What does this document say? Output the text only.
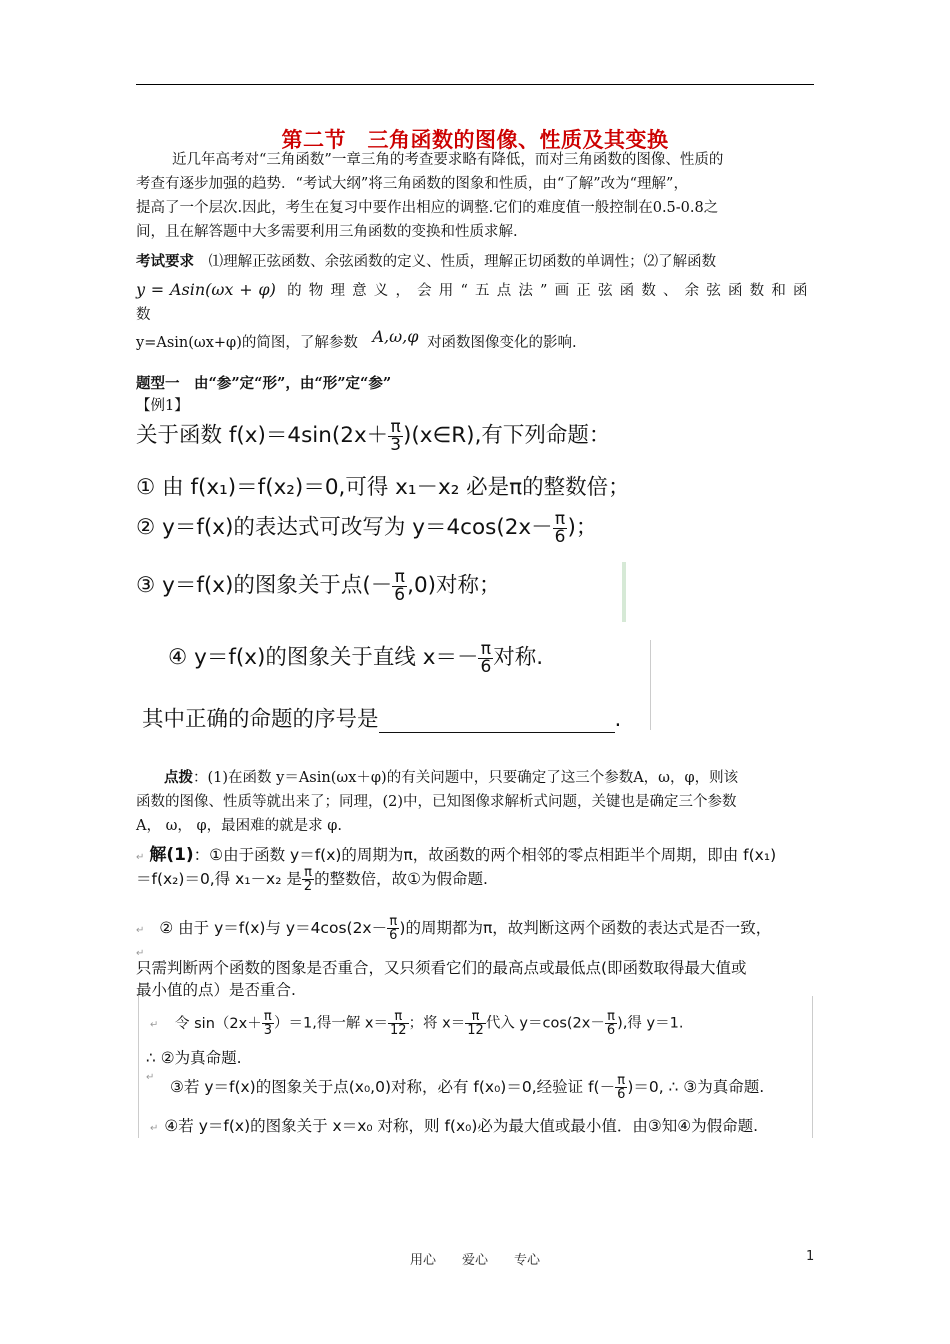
第二节　三角函数的图像、性质及其变换
近几年高考对“三角函数”一章三角的考查要求略有降低，而对三角函数的图像、性质的
考查有逐步加强的趋势．“考试大纲”将三角函数的图象和性质，由“了解”改为“理解”，
提高了一个层次.因此，考生在复习中要作出相应的调整.它们的难度值一般控制在0.5-0.8之
间，且在解答题中大多需要利用三角函数的变换和性质求解.
考试要求 ⑴理解正弦函数、余弦函数的定义、性质，理解正切函数的单调性；⑵了解函数
y = Asin(ωx + φ) 的物理意义，会用“五点法”画正弦函数、余弦函数和函数
y=Asin(ωx+φ)的简图，了解参数 A,ω,φ 对函数图像变化的影响.
题型一　由“参”定“形”，由“形”定“参”
【例1】
关于函数 $f(x)=4\sin(2x+ \frac{\pi}{3}$ )(x∈R),有下列命题：
① 由 f(x₁)＝f(x₂)＝0,可得 x₁－x₂ 必是π的整数倍；
② y＝f(x)的表达式可改写为 $y=4\cos(2x- \frac{\pi}{6}$ )；
③ y＝f(x)的图象关于点(－ $\frac{\pi}{6} ,0$)对称；
④ y＝f(x)的图象关于直线 $x=- \frac{\pi}{6}$ 对称.
其中正确的命题的序号是	.
点拨：(1)在函数 y＝Asin(ωx＋φ)的有关问题中，只要确定了这三个参数A，ω，φ，则该
函数的图像、性质等就出来了；同理，(2)中，已知图像求解析式问题，关键也是确定三个参数
A， ω， φ，最困难的就是求 φ.
↵ 解(1)：①由于函数 y＝f(x)的周期为π，故函数的两个相邻的零点相距半个周期，即由 f(x₁)
＝f(x₂)＝0,得 x₁－x₂ 是 $\frac{\pi}{2}$ 的整数倍，故①为假命题.
↵ ② 由于 y＝f(x)与 $y=4\cos(2x- \frac{\pi}{6}$ )的周期都为π，故判断这两个函数的表达式是否一致，
↵
只需判断两个函数的图象是否重合，又只须看它们的最高点或最低点(即函数取得最大值或
最小值的点）是否重合.
↵ 令 $\sin(2x+ \frac{\pi}{3} )=1$,得一解 $x= \frac{\pi}{12}$ ；将 $x= \frac{\pi}{12}$ 代入 $y=\cos(2x- \frac{\pi}{6}$ ),得 y＝1.
∴ ②为真命题.
↵
③若 y＝f(x)的图象关于点(x₀,0)对称，必有 f(x₀)＝0,经验证 $f(- \frac{\pi}{6} )=0$, ∴ ③为真命题.
↵ ④若 y＝f(x)的图象关于 x＝x₀ 对称，则 f(x₀)必为最大值或最小值．由③知④为假命题.
用心　　爱心　　专心	1
